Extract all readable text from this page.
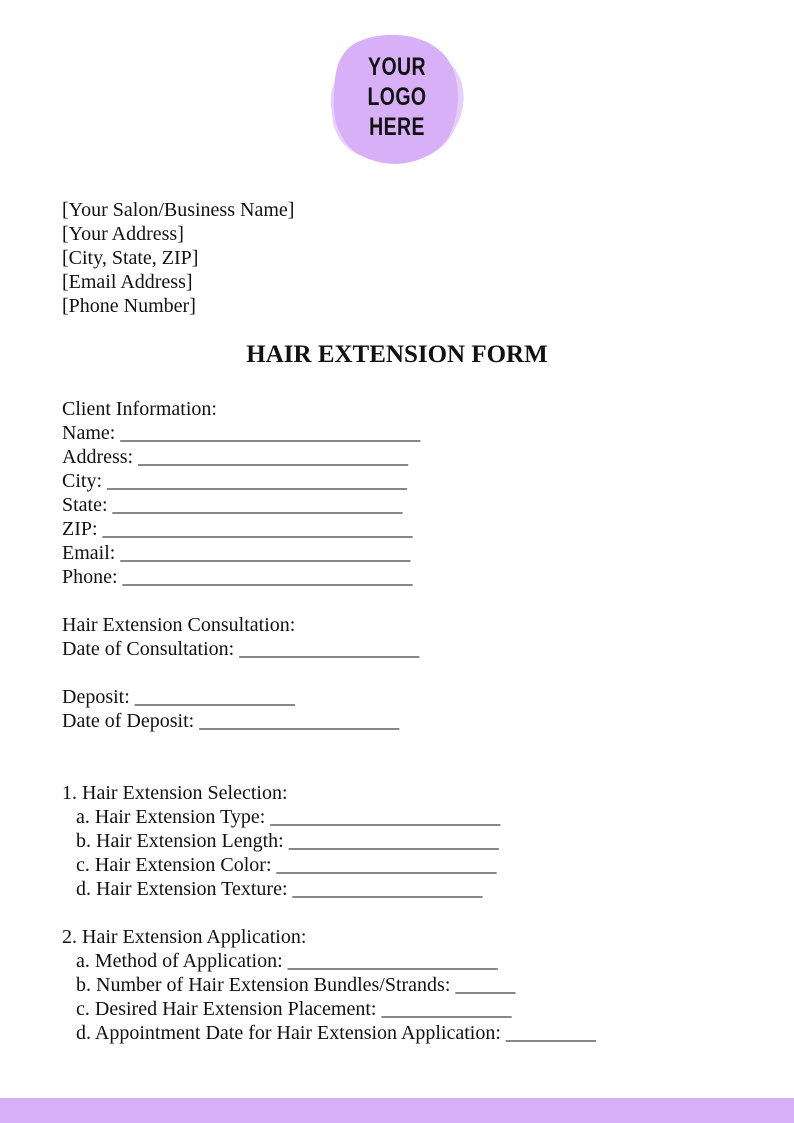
YOUR
LOGO
HERE
[Your Salon/Business Name]
[Your Address]
[City, State, ZIP]
[Email Address]
[Phone Number]
HAIR EXTENSION FORM
Client Information:
Name: ______________________________
Address: ___________________________
City: ______________________________
State: _____________________________
ZIP: _______________________________
Email: _____________________________
Phone: _____________________________
Hair Extension Consultation:
Date of Consultation: __________________
Deposit: ________________
Date of Deposit: ____________________
1. Hair Extension Selection:
a. Hair Extension Type: _______________________
b. Hair Extension Length: _____________________
c. Hair Extension Color: ______________________
d. Hair Extension Texture: ___________________
2. Hair Extension Application:
a. Method of Application: _____________________
b. Number of Hair Extension Bundles/Strands: ______
c. Desired Hair Extension Placement: _____________
d. Appointment Date for Hair Extension Application: _________
